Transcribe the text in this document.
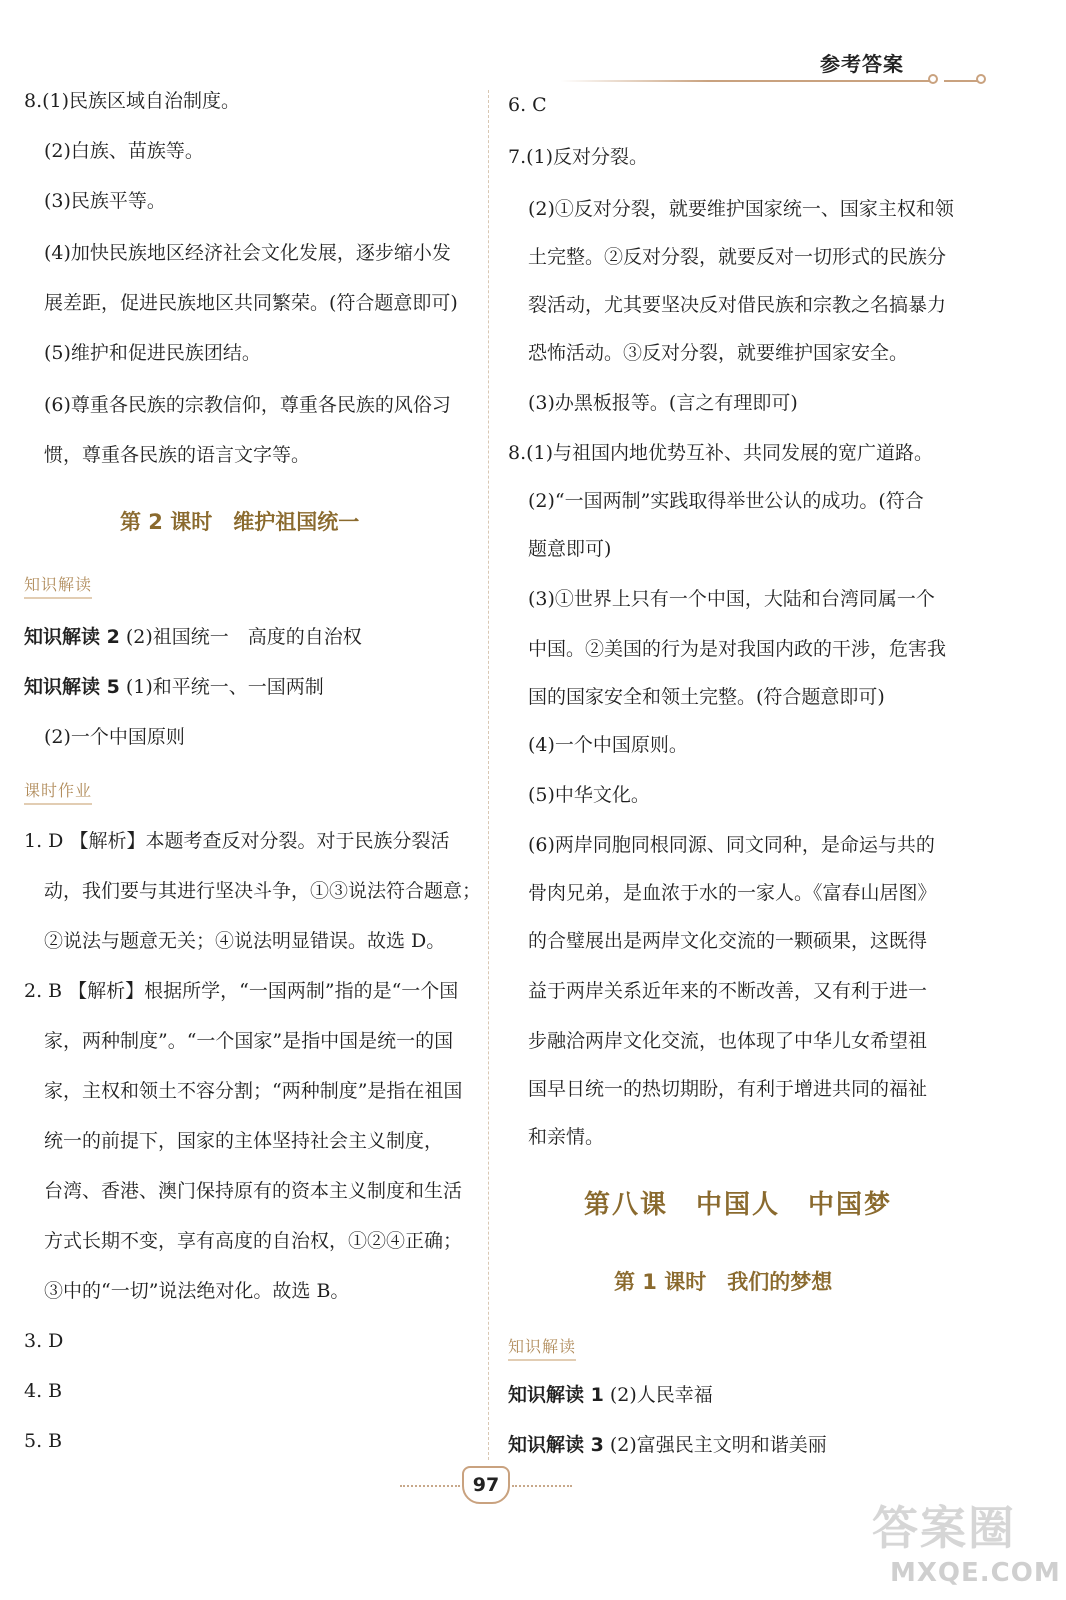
参考答案
8.(1)民族区域自治制度。
(2)白族、苗族等。
(3)民族平等。
(4)加快民族地区经济社会文化发展，逐步缩小发
展差距，促进民族地区共同繁荣。(符合题意即可)
(5)维护和促进民族团结。
(6)尊重各民族的宗教信仰，尊重各民族的风俗习
惯，尊重各民族的语言文字等。
第 2 课时　维护祖国统一
知识解读
知识解读 2 (2)祖国统一　高度的自治权
知识解读 5 (1)和平统一、一国两制
(2)一个中国原则
课时作业
1. D 【解析】本题考查反对分裂。对于民族分裂活
动，我们要与其进行坚决斗争，①③说法符合题意；
②说法与题意无关；④说法明显错误。故选 D。
2. B 【解析】根据所学，“一国两制”指的是“一个国
家，两种制度”。“一个国家”是指中国是统一的国
家，主权和领土不容分割；“两种制度”是指在祖国
统一的前提下，国家的主体坚持社会主义制度，
台湾、香港、澳门保持原有的资本主义制度和生活
方式长期不变，享有高度的自治权，①②④正确；
③中的“一切”说法绝对化。故选 B。
3. D
4. B
5. B
6. C
7.(1)反对分裂。
(2)①反对分裂，就要维护国家统一、国家主权和领
土完整。②反对分裂，就要反对一切形式的民族分
裂活动，尤其要坚决反对借民族和宗教之名搞暴力
恐怖活动。③反对分裂，就要维护国家安全。
(3)办黑板报等。(言之有理即可)
8.(1)与祖国内地优势互补、共同发展的宽广道路。
(2)“一国两制”实践取得举世公认的成功。(符合
题意即可)
(3)①世界上只有一个中国，大陆和台湾同属一个
中国。②美国的行为是对我国内政的干涉，危害我
国的国家安全和领土完整。(符合题意即可)
(4)一个中国原则。
(5)中华文化。
(6)两岸同胞同根同源、同文同种，是命运与共的
骨肉兄弟，是血浓于水的一家人。《富春山居图》
的合璧展出是两岸文化交流的一颗硕果，这既得
益于两岸关系近年来的不断改善，又有利于进一
步融洽两岸文化交流，也体现了中华儿女希望祖
国早日统一的热切期盼，有利于增进共同的福祉
和亲情。
第八课　中国人　中国梦
第 1 课时　我们的梦想
知识解读
知识解读 1 (2)人民幸福
知识解读 3 (2)富强民主文明和谐美丽
97
答案圈
MXQE.COM
